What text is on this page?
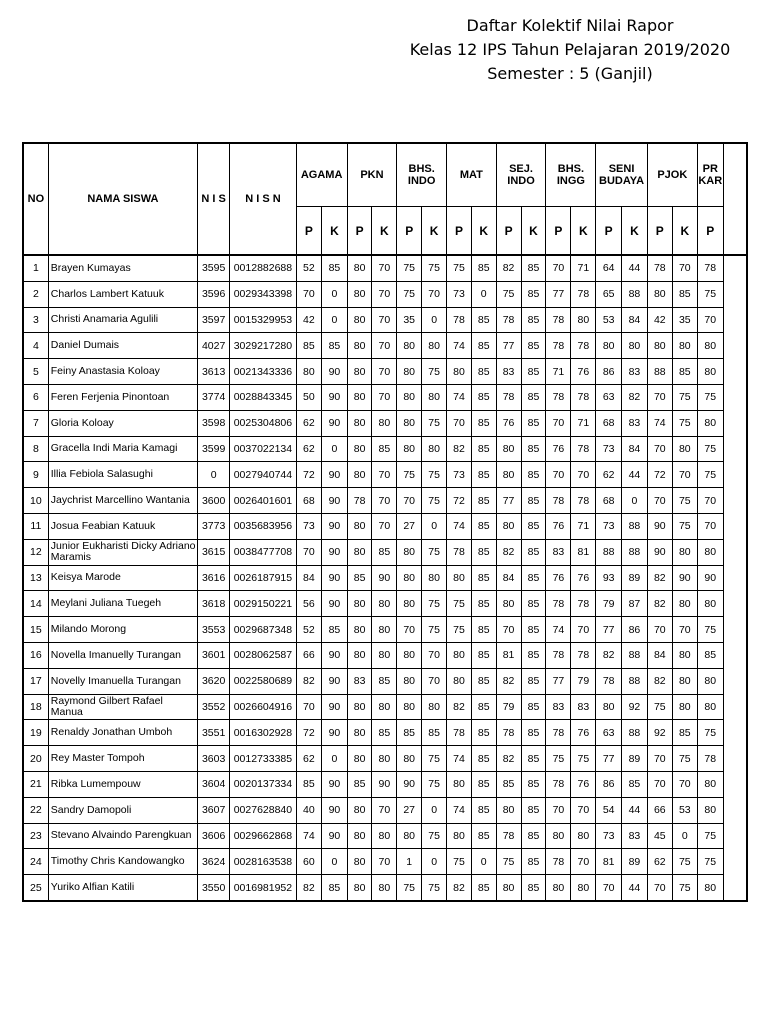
Daftar Kolektif Nilai Rapor
Kelas 12 IPS Tahun Pelajaran 2019/2020
Semester : 5 (Ganjil)
NO	NAMA SISWA	N I S	N I S N	AGAMA		PKN		BHS. INDO		MAT		SEJ. INDO		BHS. INGG		SENI BUDAYA		PJOK		PR KAR
				P	K	P	K	P	K	P	K	P	K	P	K	P	K	P	K	P
1	Brayen Kumayas	3595	0012882688	52	85	80	70	75	75	75	85	82	85	70	71	64	44	78	70	78
2	Charlos Lambert Katuuk	3596	0029343398	70	0	80	70	75	70	73	0	75	85	77	78	65	88	80	85	75
3	Christi Anamaria Agulili	3597	0015329953	42	0	80	70	35	0	78	85	78	85	78	80	53	84	42	35	70
4	Daniel Dumais	4027	3029217280	85	85	80	70	80	80	74	85	77	85	78	78	80	80	80	80	80
5	Feiny Anastasia Koloay	3613	0021343336	80	90	80	70	80	75	80	85	83	85	71	76	86	83	88	85	80
6	Feren Ferjenia Pinontoan	3774	0028843345	50	90	80	70	80	80	74	85	78	85	78	78	63	82	70	75	75
7	Gloria Koloay	3598	0025304806	62	90	80	80	80	75	70	85	76	85	70	71	68	83	74	75	80
8	Gracella Indi Maria Kamagi	3599	0037022134	62	0	80	85	80	80	82	85	80	85	76	78	73	84	70	80	75
9	Illia Febiola Salasughi	0	0027940744	72	90	80	70	75	75	73	85	80	85	70	70	62	44	72	70	75
10	Jaychrist Marcellino Wantania	3600	0026401601	68	90	78	70	70	75	72	85	77	85	78	78	68	0	70	75	70
11	Josua Feabian Katuuk	3773	0035683956	73	90	80	70	27	0	74	85	80	85	76	71	73	88	90	75	70
12	Junior Eukharisti Dicky Adriano Maramis	3615	0038477708	70	90	80	85	80	75	78	85	82	85	83	81	88	88	90	80	80
13	Keisya Marode	3616	0026187915	84	90	85	90	80	80	80	85	84	85	76	76	93	89	82	90	90
14	Meylani Juliana Tuegeh	3618	0029150221	56	90	80	80	80	75	75	85	80	85	78	78	79	87	82	80	80
15	Milando Morong	3553	0029687348	52	85	80	80	70	75	75	85	70	85	74	70	77	86	70	70	75
16	Novella Imanuelly Turangan	3601	0028062587	66	90	80	80	80	70	80	85	81	85	78	78	82	88	84	80	85
17	Novelly Imanuella Turangan	3620	0022580689	82	90	83	85	80	70	80	85	82	85	77	79	78	88	82	80	80
18	Raymond Gilbert Rafael Manua	3552	0026604916	70	90	80	80	80	80	82	85	79	85	83	83	80	92	75	80	80
19	Renaldy Jonathan Umboh	3551	0016302928	72	90	80	85	85	85	78	85	78	85	78	76	63	88	92	85	75
20	Rey Master Tompoh	3603	0012733385	62	0	80	80	80	75	74	85	82	85	75	75	77	89	70	75	78
21	Ribka Lumempouw	3604	0020137334	85	90	85	90	90	75	80	85	85	85	78	76	86	85	70	70	80
22	Sandry Damopoli	3607	0027628840	40	90	80	70	27	0	74	85	80	85	70	70	54	44	66	53	80
23	Stevano Alvaindo Parengkuan	3606	0029662868	74	90	80	80	80	75	80	85	78	85	80	80	73	83	45	0	75
24	Timothy Chris Kandowangko	3624	0028163538	60	0	80	70	1	0	75	0	75	85	78	70	81	89	62	75	75
25	Yuriko Alfian Katili	3550	0016981952	82	85	80	80	75	75	82	85	80	85	80	80	70	44	70	75	80
